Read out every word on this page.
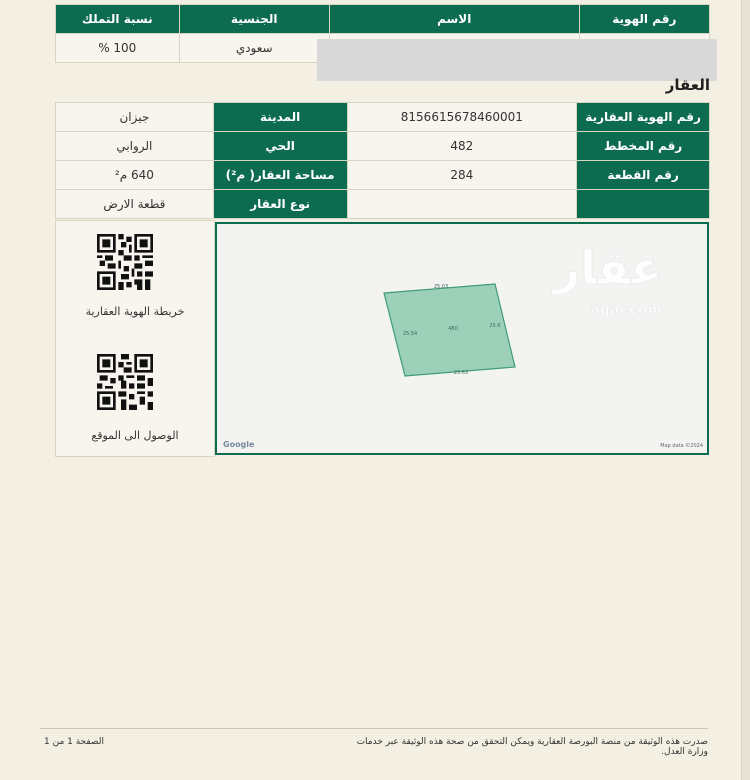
رقم الهوية	الاسم	الجنسية	نسبة التملك
		سعودي	100 %
العقار
رقم الهوية العقارية	8156615678460001	المدينة	جيزان
رقم المخطط	482	الحي	الروابي
رقم القطعة	284	مساحة العقار( م²)	640 م²
		نوع العقار	قطعة الارض
خريطة الهوية العقارية
الوصول الى الموقع
عقار
aqar.com
480
25.03
25.54
25.6
25.63
Google	Map data ©2024
صدرت هذه الوثيقة من منصة البورصة العقارية ويمكن التحقق من صحة هذه الوثيقة عبر خدمات وزارة العدل.
الصفحة 1 من 1
